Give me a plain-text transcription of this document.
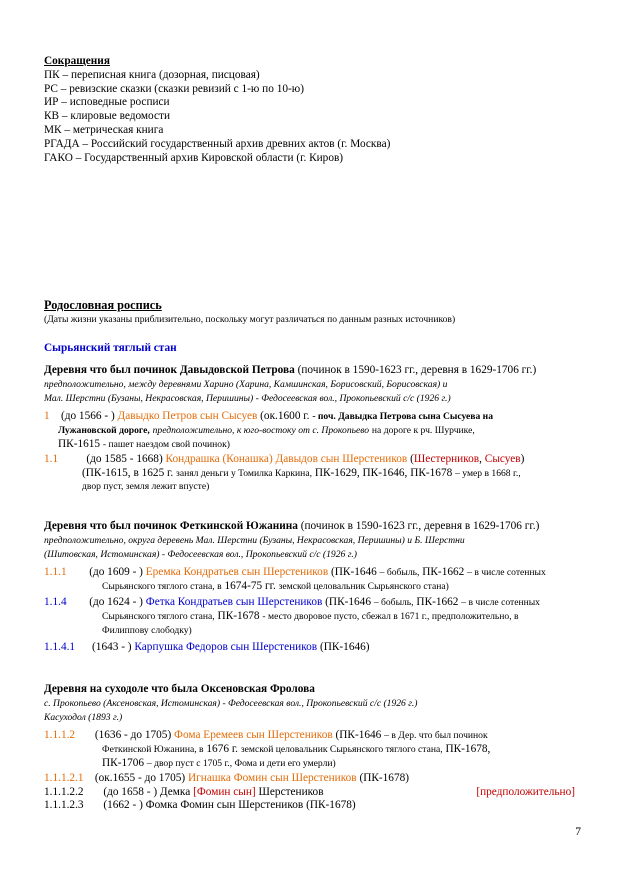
Сокращения
ПК – переписная книга (дозорная, писцовая)
РС – ревизские сказки (сказки ревизий с 1-ю по 10-ю)
ИР – исповедные росписи
КВ – клировые ведомости
МК – метрическая книга
РГАДА – Российский государственный архив древних актов (г. Москва)
ГАКО – Государственный архив Кировской области (г. Киров)
Родословная роспись
(Даты жизни указаны приблизительно, поскольку могут различаться по данным разных источников)
Сырьянский тяглый стан
Деревня что был починок Давыдовской Петрова (починок в 1590-1623 гг., деревня в 1629-1706 гг.)
предположительно, между деревнями Харино (Харина, Камшинская, Борисовский, Борисовская) и
Мал. Шерстни (Бузаны, Некрасовская, Перишины) - Федосеевская вол., Прокопьевский с/с (1926 г.)
1 (до 1566 - ) Давыдко Петров сын Сысуев (ок.1600 г. - поч. Давыдка Петрова сына Сысуева на
Лужановской дороге, предположительно, к юго-востоку от с. Прокопьево на дороге к рч. Шурчике,
ПК-1615 - пашет наездом свой починок)
1.1	(до 1585 - 1668) Кондрашка (Конашка) Давыдов сын Шерстеников (Шестерников, Сысуев)
(ПК-1615, в 1625 г. занял деньги у Томилка Каркина, ПК-1629, ПК-1646, ПК-1678 – умер в 1668 г.,
двор пуст, земля лежит впусте)
Деревня что был починок Феткинской Южанина (починок в 1590-1623 гг., деревня в 1629-1706 гг.)
предположительно, округа деревень Мал. Шерстни (Бузаны, Некрасовская, Перишины) и Б. Шерстни
(Шитовская, Истоминская) - Федосеевская вол., Прокопьевский с/с (1926 г.)
1.1.1 (до 1609 - ) Еремка Кондратьев сын Шерстеников (ПК-1646 – бобыль, ПК-1662 – в числе сотенных
Сырьянского тяглого стана, в 1674-75 гг. земской целовальник Сырьянского стана)
1.1.4 (до 1624 - ) Фетка Кондратьев сын Шерстеников (ПК-1646 – бобыль, ПК-1662 – в числе сотенных
Сырьянского тяглого стана, ПК-1678 - место дворовое пусто, сбежал в 1671 г., предположительно, в
Филиппову слободку)
1.1.4.1 (1643 - ) Карпушка Федоров сын Шерстеников (ПК-1646)
Деревня на суходоле что была Оксеновская Фролова
с. Прокопьево (Аксеновская, Истоминская) - Федосеевская вол., Прокопьевский с/с (1926 г.)
Касуходол (1893 г.)
1.1.1.2 (1636 - до 1705) Фома Еремеев сын Шерстеников (ПК-1646 – в Дер. что был починок
Феткинской Южанина, в 1676 г. земской целовальник Сырьянского тяглого стана, ПК-1678,
ПК-1706 – двор пуст с 1705 г., Фома и дети его умерли)
1.1.1.2.1 (ок.1655 - до 1705) Игнашка Фомин сын Шерстеников (ПК-1678)
1.1.1.2.2 (до 1658 - ) Демка [Фомин сын] Шерстеников	[предположительно]
1.1.1.2.3 (1662 - ) Фомка Фомин сын Шерстеников (ПК-1678)
7
